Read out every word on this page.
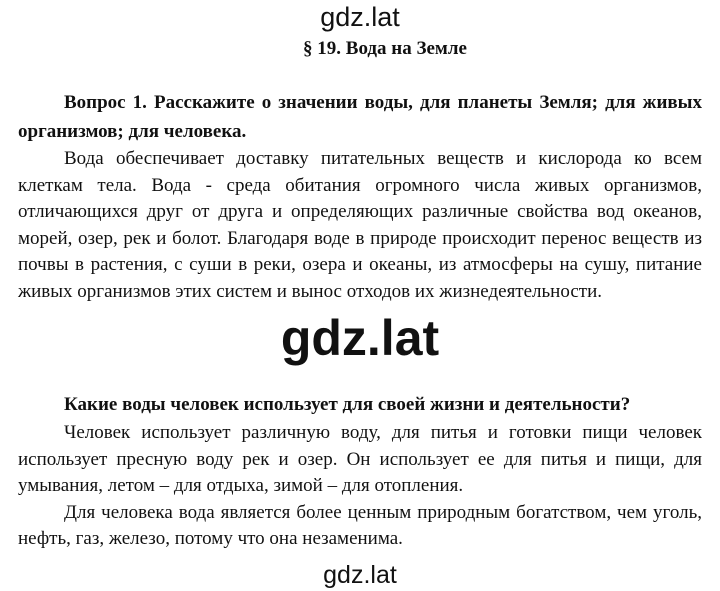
gdz.lat
§ 19. Вода на Земле

Вопрос 1. Расскажите о значении воды, для планеты Земля; для живых организмов; для человека.

Вода обеспечивает доставку питательных веществ и кислорода ко всем клеткам тела. Вода - среда обитания огромного числа живых организмов, отличающихся друг от друга и определяющих различные свойства вод океанов, морей, озер, рек и болот. Благодаря воде в природе происходит перенос веществ из почвы в растения, с суши в реки, озера и океаны, из атмосферы на сушу, питание живых организмов этих систем и вынос отходов их жизнедеятельности.

gdz.lat

Какие воды человек использует для своей жизни и деятельности?

Человек использует различную воду, для питья и готовки пищи человек использует пресную воду рек и озер. Он использует ее для питья и пищи, для умывания, летом – для отдыха, зимой – для отопления.

Для человека вода является более ценным природным богатством, чем уголь, нефть, газ, железо, потому что она незаменима.

gdz.lat
